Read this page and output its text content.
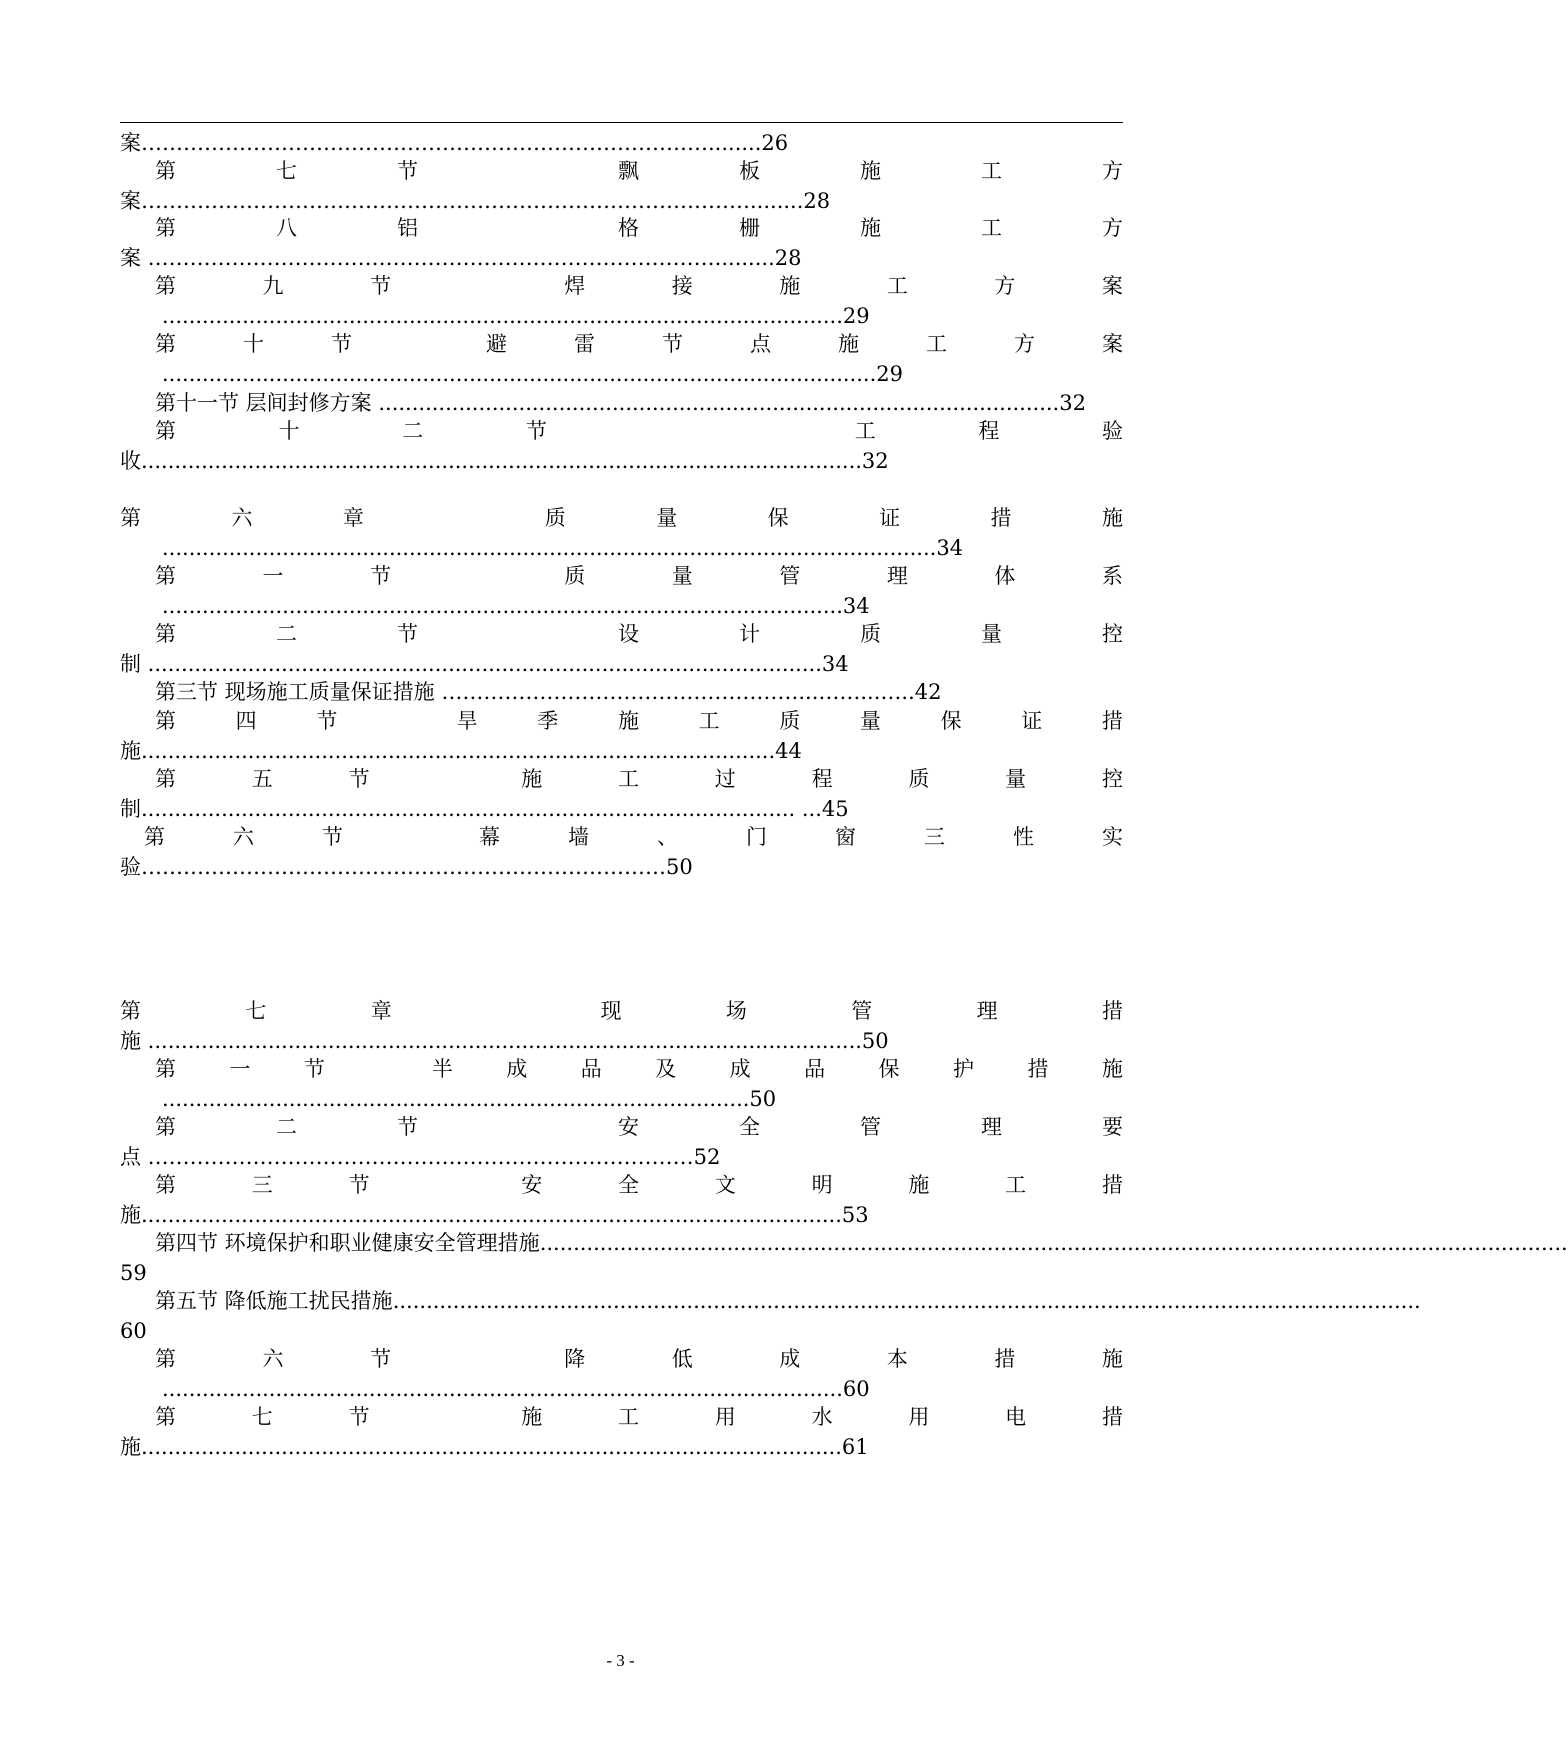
案………………………………………………………………………........26
第	七	节	飘	板	施	工	方
案……………………………………………………………………………........28
第	八	铝	格	栅	施	工	方
案 ……………………………………………………………………….........28
第	九	节	焊	接	施	工	方	案
......................................................................................................29
第	十	节	避	雷	节	点	施	工	方	案
...........................................................................................................29
第十一节 层间封修方案 ......................................................................................................32
第	十	二	节	工	程	验
收............................................................................................................32
第	六	章	质	量	保	证	措	施
....................................................................................................................34
第	一	节	质	量	管	理	体	系
......................................................................................................34
第	二	节	设	计	质	量	控
制 .....................................................................................................34
第三节 现场施工质量保证措施 ……………………………………………...……...…..42
第	四	节	旱	季	施	工	质	量	保	证	措
施...............................................................................................44
第	五	节	施	工	过	程	质	量	控
制.................................................................................................. ...45
第	六	节	幕	墙	、	门	窗	三	性	实
验…………………………………………………………………50
第	七	章	现	场	管	理	措
施 ...........................................................................................................50
第	一	节	半	成	品	及	成	品	保	护	措	施
........................................................................................50
第	二	节	安	全	管	理	要
点 ……………………………………………………………………52
第	三	节	安	全	文	明	施	工	措
施.........................................................................................................53
第四节 环境保护和职业健康安全管理措施 ..........................................................................................................................................................
59
第五节 降低施工扰民措施 ..........................................................................................................................................................
60
第	六	节	降	低	成	本	措	施
......................................................................................................60
第	七	节	施	工	用	水	用	电	措
施.........................................................................................................61
- 3 -
